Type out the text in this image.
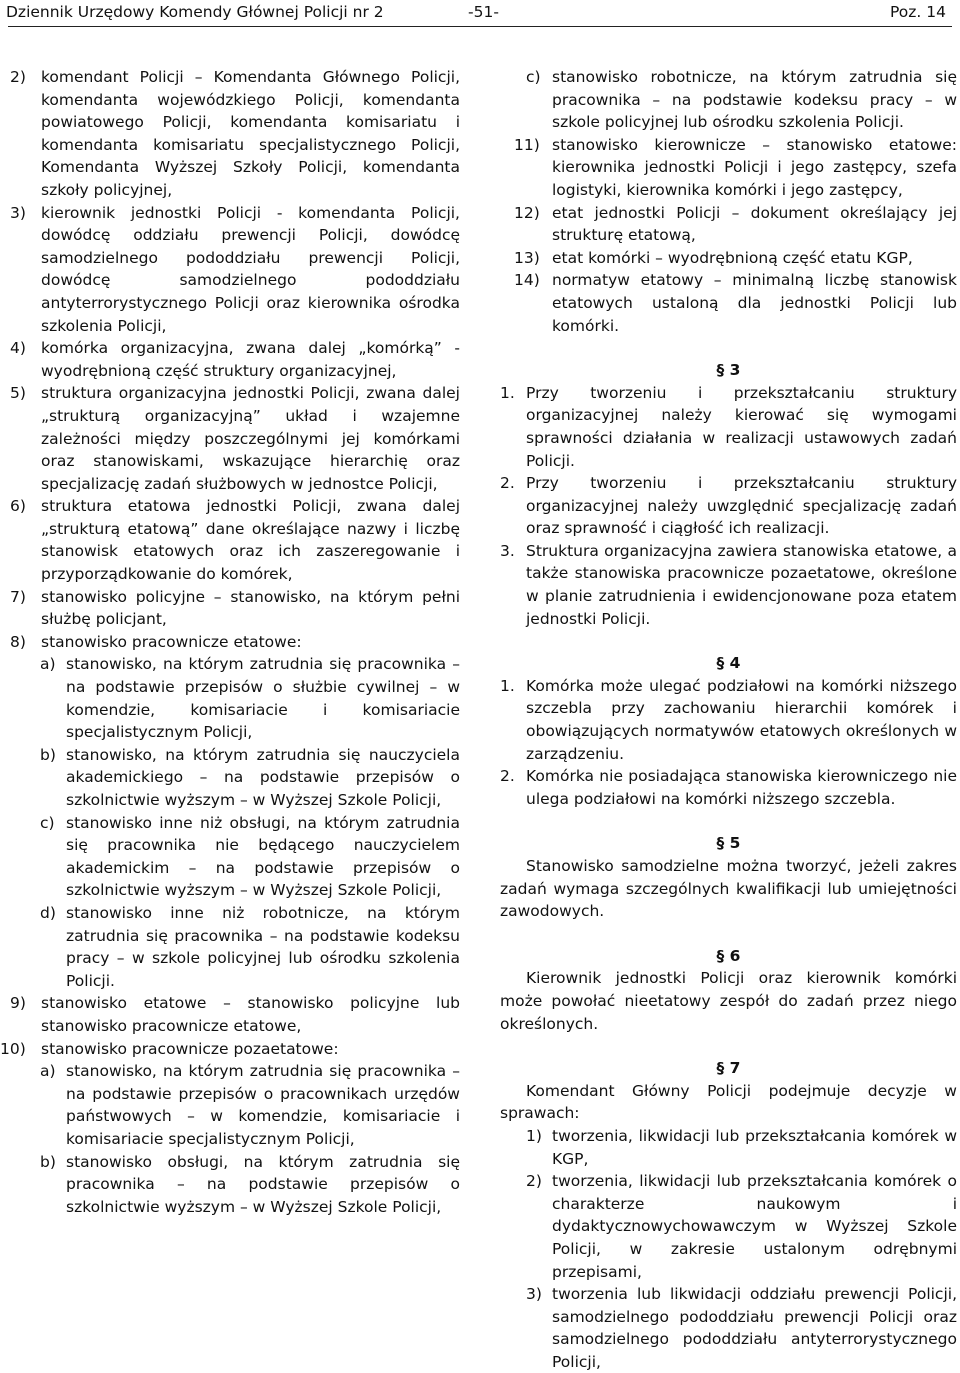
Dziennik Urzędowy Komendy Głównej Policji nr 2	-51-	Poz. 14

2) komendant Policji – Komendanta Głównego Policji, komendanta wojewódzkiego Policji, komendanta powiatowego Policji, komendanta komisariatu i komendanta komisariatu specjalistycznego Policji, Komendanta Wyższej Szkoły Policji, komendanta szkoły policyjnej,

3) kierownik jednostki Policji - komendanta Policji, dowódcę oddziału prewencji Policji, dowódcę samodzielnego pododdziału prewencji Policji, dowódcę samodzielnego pododdziału antyterrorystycznego Policji oraz kierownika ośrodka szkolenia Policji,

4) komórka organizacyjna, zwana dalej „komórką” - wyodrębnioną część struktury organizacyjnej,

5) struktura organizacyjna jednostki Policji, zwana dalej „strukturą organizacyjną” układ i wzajemne zależności między poszczególnymi jej komórkami oraz stanowiskami, wskazujące hierarchię oraz specjalizację zadań służbowych w jednostce Policji,

6) struktura etatowa jednostki Policji, zwana dalej „strukturą etatową” dane określające nazwy i liczbę stanowisk etatowych oraz ich zaszeregowanie i przyporządkowanie do komórek,

7) stanowisko policyjne – stanowisko, na którym pełni służbę policjant,

8) stanowisko pracownicze etatowe:

a) stanowisko, na którym zatrudnia się pracownika – na podstawie przepisów o służbie cywilnej – w komendzie, komisariacie i komisariacie specjalistycznym Policji,

b) stanowisko, na którym zatrudnia się nauczyciela akademickiego – na podstawie przepisów o szkolnictwie wyższym – w Wyższej Szkole Policji,

c) stanowisko inne niż obsługi, na którym zatrudnia się pracownika nie będącego nauczycielem akademickim – na podstawie przepisów o szkolnictwie wyższym – w Wyższej Szkole Policji,

d) stanowisko inne niż robotnicze, na którym zatrudnia się pracownika – na podstawie kodeksu pracy – w szkole policyjnej lub ośrodku szkolenia Policji.

9) stanowisko etatowe – stanowisko policyjne lub stanowisko pracownicze etatowe,

10) stanowisko pracownicze pozaetatowe:

a) stanowisko, na którym zatrudnia się pracownika – na podstawie przepisów o pracownikach urzędów państwowych – w komendzie, komisariacie i komisariacie specjalistycznym Policji,

b) stanowisko obsługi, na którym zatrudnia się pracownika – na podstawie przepisów o szkolnictwie wyższym – w Wyższej Szkole Policji,

c) stanowisko robotnicze, na którym zatrudnia się pracownika – na podstawie kodeksu pracy – w szkole policyjnej lub ośrodku szkolenia Policji.

11) stanowisko kierownicze – stanowisko etatowe: kierownika jednostki Policji i jego zastępcy, szefa logistyki, kierownika komórki i jego zastępcy,

12) etat jednostki Policji – dokument określający jej strukturę etatową,

13) etat komórki – wyodrębnioną część etatu KGP,

14) normatyw etatowy – minimalną liczbę stanowisk etatowych ustaloną dla jednostki Policji lub komórki.

§ 3

1. Przy tworzeniu i przekształcaniu struktury organizacyjnej należy kierować się wymogami sprawności działania w realizacji ustawowych zadań Policji.

2. Przy tworzeniu i przekształcaniu struktury organizacyjnej należy uwzględnić specjalizację zadań oraz sprawność i ciągłość ich realizacji.

3. Struktura organizacyjna zawiera stanowiska etatowe, a także stanowiska pracownicze pozaetatowe, określone w planie zatrudnienia i ewidencjonowane poza etatem jednostki Policji.

§ 4

1. Komórka może ulegać podziałowi na komórki niższego szczebla przy zachowaniu hierarchii komórek i obowiązujących normatywów etatowych określonych w zarządzeniu.

2. Komórka nie posiadająca stanowiska kierowniczego nie ulega podziałowi na komórki niższego szczebla.

§ 5

Stanowisko samodzielne można tworzyć, jeżeli zakres zadań wymaga szczególnych kwalifikacji lub umiejętności zawodowych.

§ 6

Kierownik jednostki Policji oraz kierownik komórki może powołać nieetatowy zespół do zadań przez niego określonych.

§ 7

Komendant Główny Policji podejmuje decyzje w sprawach:

1) tworzenia, likwidacji lub przekształcania komórek w KGP,

2) tworzenia, likwidacji lub przekształcania komórek o charakterze naukowym i dydaktycznowychowawczym w Wyższej Szkole Policji, w zakresie ustalonym odrębnymi przepisami,

3) tworzenia lub likwidacji oddziału prewencji Policji, samodzielnego pododdziału prewencji Policji oraz samodzielnego pododdziału antyterrorystycznego Policji,
